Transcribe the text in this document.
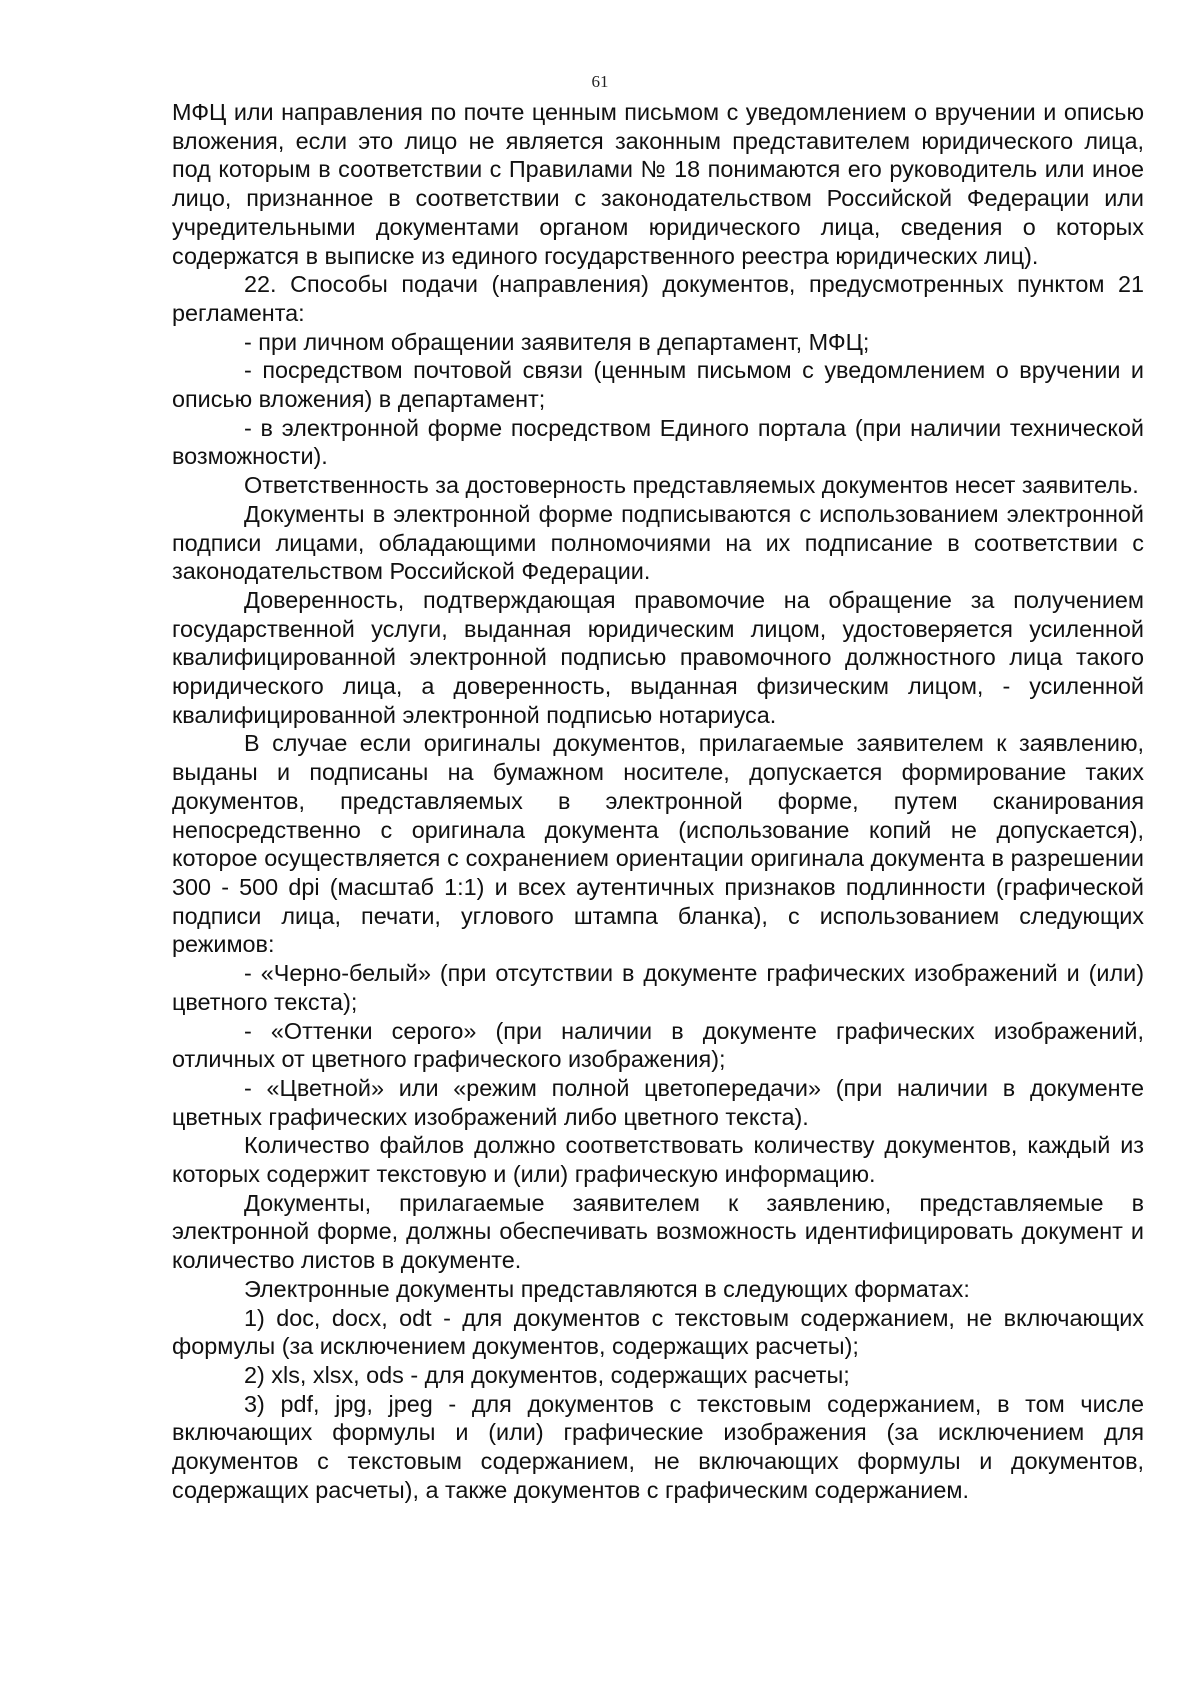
61

МФЦ или направления по почте ценным письмом с уведомлением о вручении и описью вложения, если это лицо не является законным представителем юридического лица, под которым в соответствии с Правилами № 18 понимаются его руководитель или иное лицо, признанное в соответствии с законодательством Российской Федерации или учредительными документами органом юридического лица, сведения о которых содержатся в выписке из единого государственного реестра юридических лиц).

22. Способы подачи (направления) документов, предусмотренных пунктом 21 регламента:

- при личном обращении заявителя в департамент, МФЦ;

- посредством почтовой связи (ценным письмом с уведомлением о вручении и описью вложения) в департамент;

- в электронной форме посредством Единого портала (при наличии технической возможности).

Ответственность за достоверность представляемых документов несет заявитель.

Документы в электронной форме подписываются с использованием электронной подписи лицами, обладающими полномочиями на их подписание в соответствии с законодательством Российской Федерации.

Доверенность, подтверждающая правомочие на обращение за получением государственной услуги, выданная юридическим лицом, удостоверяется усиленной квалифицированной электронной подписью правомочного должностного лица такого юридического лица, а доверенность, выданная физическим лицом, - усиленной квалифицированной электронной подписью нотариуса.

В случае если оригиналы документов, прилагаемые заявителем к заявлению, выданы и подписаны на бумажном носителе, допускается формирование таких документов, представляемых в электронной форме, путем сканирования непосредственно с оригинала документа (использование копий не допускается), которое осуществляется с сохранением ориентации оригинала документа в разрешении 300 - 500 dpi (масштаб 1:1) и всех аутентичных признаков подлинности (графической подписи лица, печати, углового штампа бланка), с использованием следующих режимов:

- «Черно-белый» (при отсутствии в документе графических изображений и (или) цветного текста);

- «Оттенки серого» (при наличии в документе графических изображений, отличных от цветного графического изображения);

- «Цветной» или «режим полной цветопередачи» (при наличии в документе цветных графических изображений либо цветного текста).

Количество файлов должно соответствовать количеству документов, каждый из которых содержит текстовую и (или) графическую информацию.

Документы, прилагаемые заявителем к заявлению, представляемые в электронной форме, должны обеспечивать возможность идентифицировать документ и количество листов в документе.

Электронные документы представляются в следующих форматах:

1) doc, docx, odt - для документов с текстовым содержанием, не включающих формулы (за исключением документов, содержащих расчеты);

2) xls, xlsx, ods - для документов, содержащих расчеты;

3) pdf, jpg, jpeg - для документов с текстовым содержанием, в том числе включающих формулы и (или) графические изображения (за исключением для документов с текстовым содержанием, не включающих формулы и документов, содержащих расчеты), а также документов с графическим содержанием.
